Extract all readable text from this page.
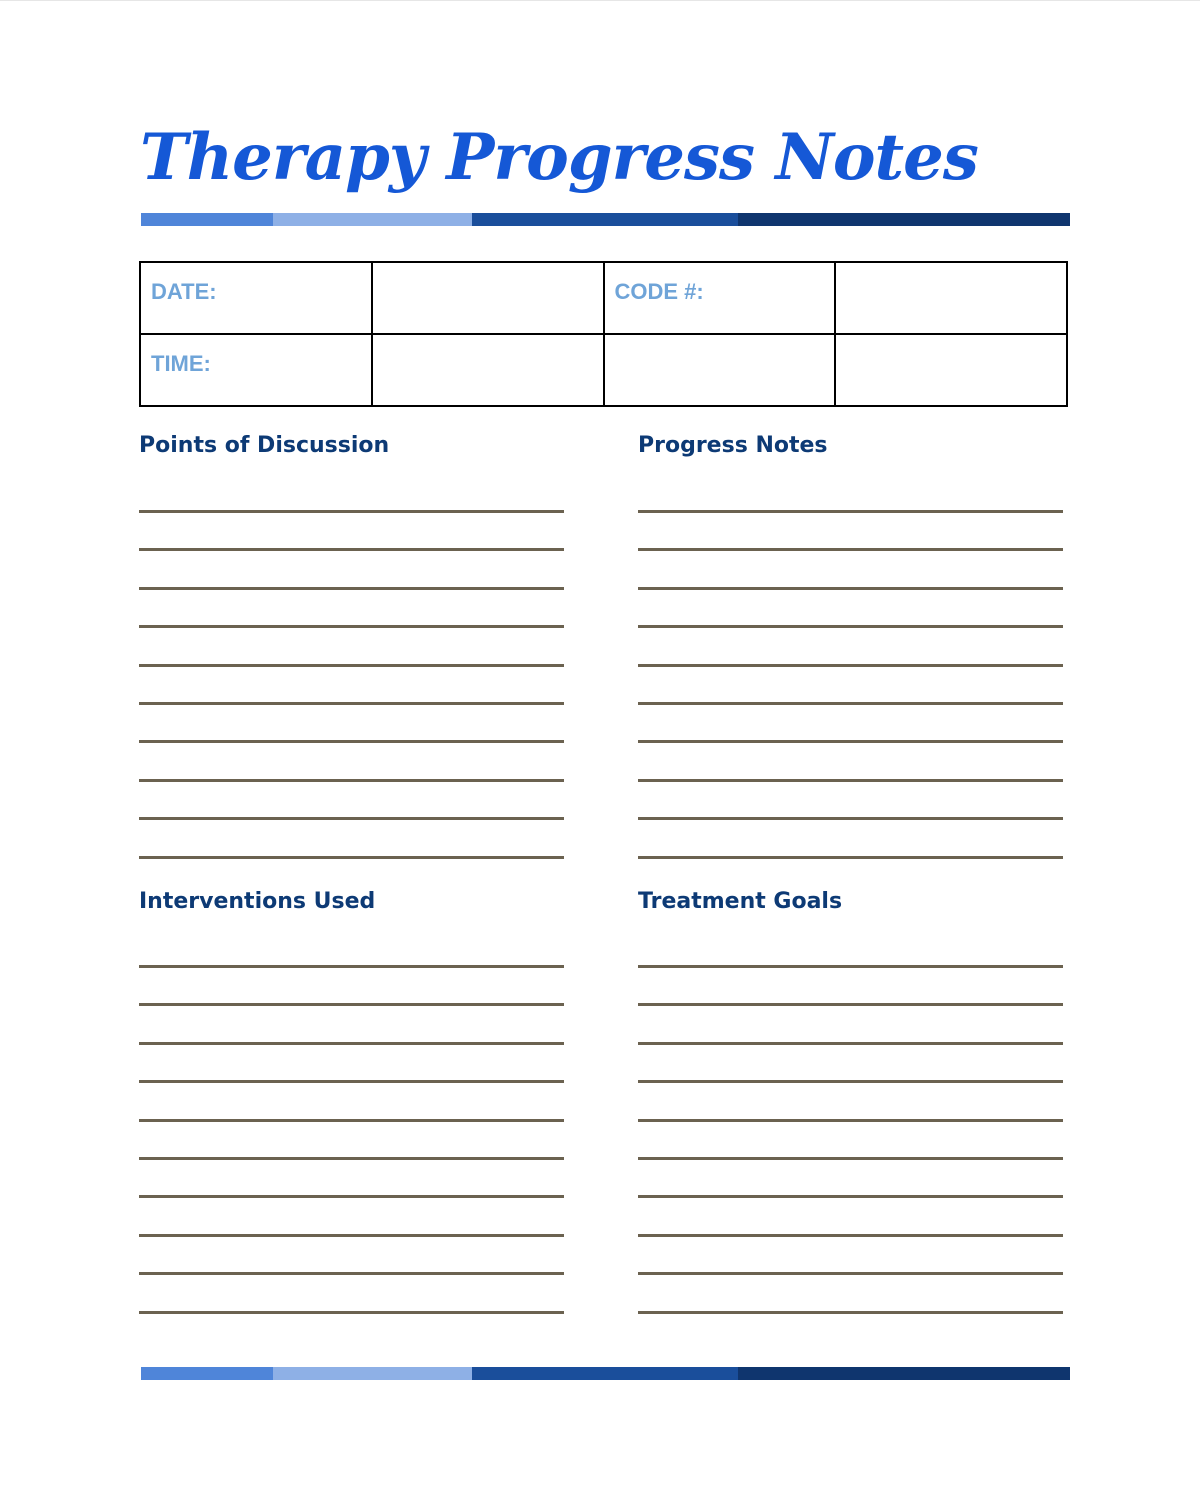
Therapy Progress Notes
DATE:		CODE #:	

TIME:			

Points of Discussion	Progress Notes
Interventions Used	Treatment Goals
